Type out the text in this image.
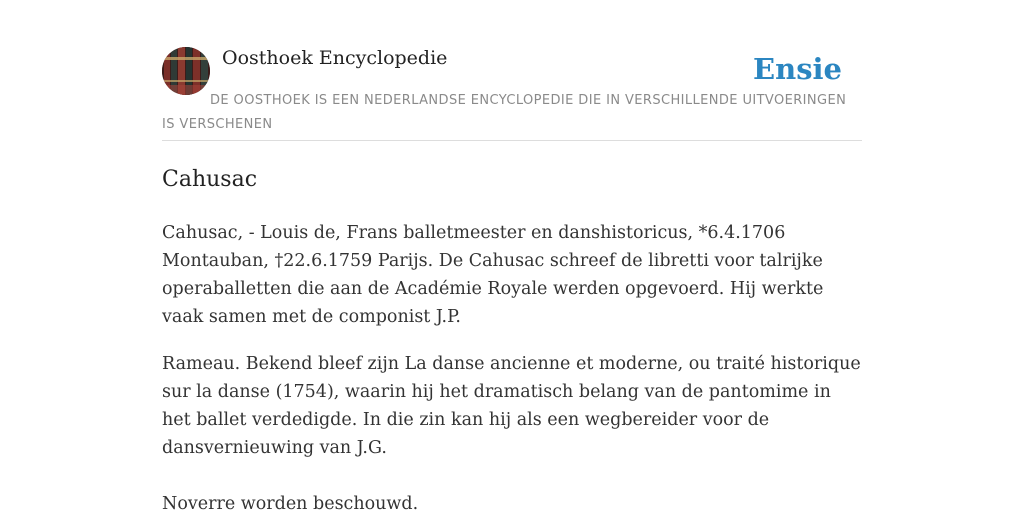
Oosthoek Encyclopedie	Ensie
DE OOSTHOEK IS EEN NEDERLANDSE ENCYCLOPEDIE DIE IN VERSCHILLENDE UITVOERINGEN IS VERSCHENEN
Cahusac

Cahusac, - Louis de, Frans balletmeester en danshistoricus, *6.4.1706 Montauban, †22.6.1759 Parijs. De Cahusac schreef de libretti voor talrijke operaballetten die aan de Académie Royale werden opgevoerd. Hij werkte vaak samen met de componist J.P.

Rameau. Bekend bleef zijn La danse ancienne et moderne, ou traité historique sur la danse (1754), waarin hij het dramatisch belang van de pantomime in het ballet verdedigde. In die zin kan hij als een wegbereider voor de dansvernieuwing van J.G.

Noverre worden beschouwd.
